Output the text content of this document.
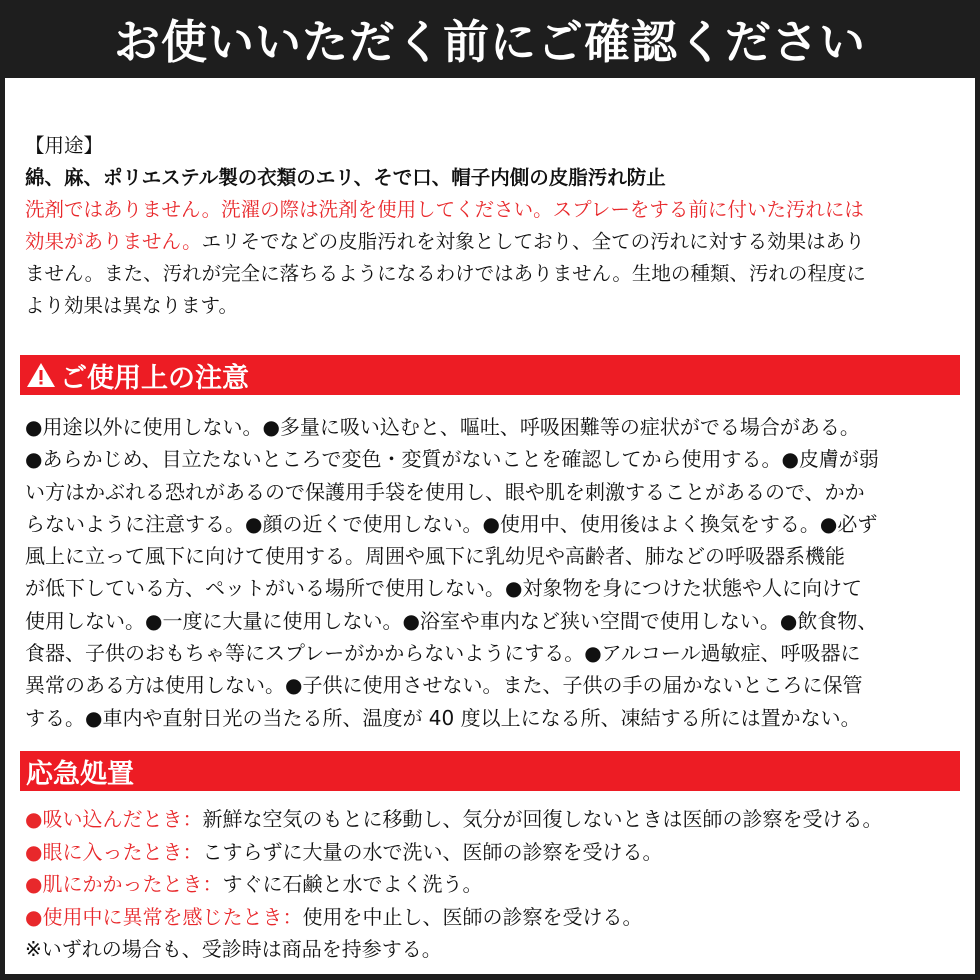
お使いいただく前にご確認ください
【用途】
綿、麻、ポリエステル製の衣類のエリ、そで口、帽子内側の皮脂汚れ防止
洗剤ではありません。洗濯の際は洗剤を使用してください。スプレーをする前に付いた汚れには
効果がありません。エリそでなどの皮脂汚れを対象としており、全ての汚れに対する効果はあり
ません。また、汚れが完全に落ちるようになるわけではありません。生地の種類、汚れの程度に
より効果は異なります。
ご使用上の注意
●用途以外に使用しない。●多量に吸い込むと、嘔吐、呼吸困難等の症状がでる場合がある。
●あらかじめ、目立たないところで変色・変質がないことを確認してから使用する。●皮膚が弱
い方はかぶれる恐れがあるので保護用手袋を使用し、眼や肌を刺激することがあるので、かか
らないように注意する。●顔の近くで使用しない。●使用中、使用後はよく換気をする。●必ず
風上に立って風下に向けて使用する。周囲や風下に乳幼児や高齢者、肺などの呼吸器系機能
が低下している方、ペットがいる場所で使用しない。●対象物を身につけた状態や人に向けて
使用しない。●一度に大量に使用しない。●浴室や車内など狭い空間で使用しない。●飲食物、
食器、子供のおもちゃ等にスプレーがかからないようにする。●アルコール過敏症、呼吸器に
異常のある方は使用しない。●子供に使用させない。また、子供の手の届かないところに保管
する。●車内や直射日光の当たる所、温度が 40 度以上になる所、凍結する所には置かない。
応急処置
●吸い込んだとき：新鮮な空気のもとに移動し、気分が回復しないときは医師の診察を受ける。
●眼に入ったとき：こすらずに大量の水で洗い、医師の診察を受ける。
●肌にかかったとき：すぐに石鹸と水でよく洗う。
●使用中に異常を感じたとき：使用を中止し、医師の診察を受ける。
※いずれの場合も、受診時は商品を持参する。
